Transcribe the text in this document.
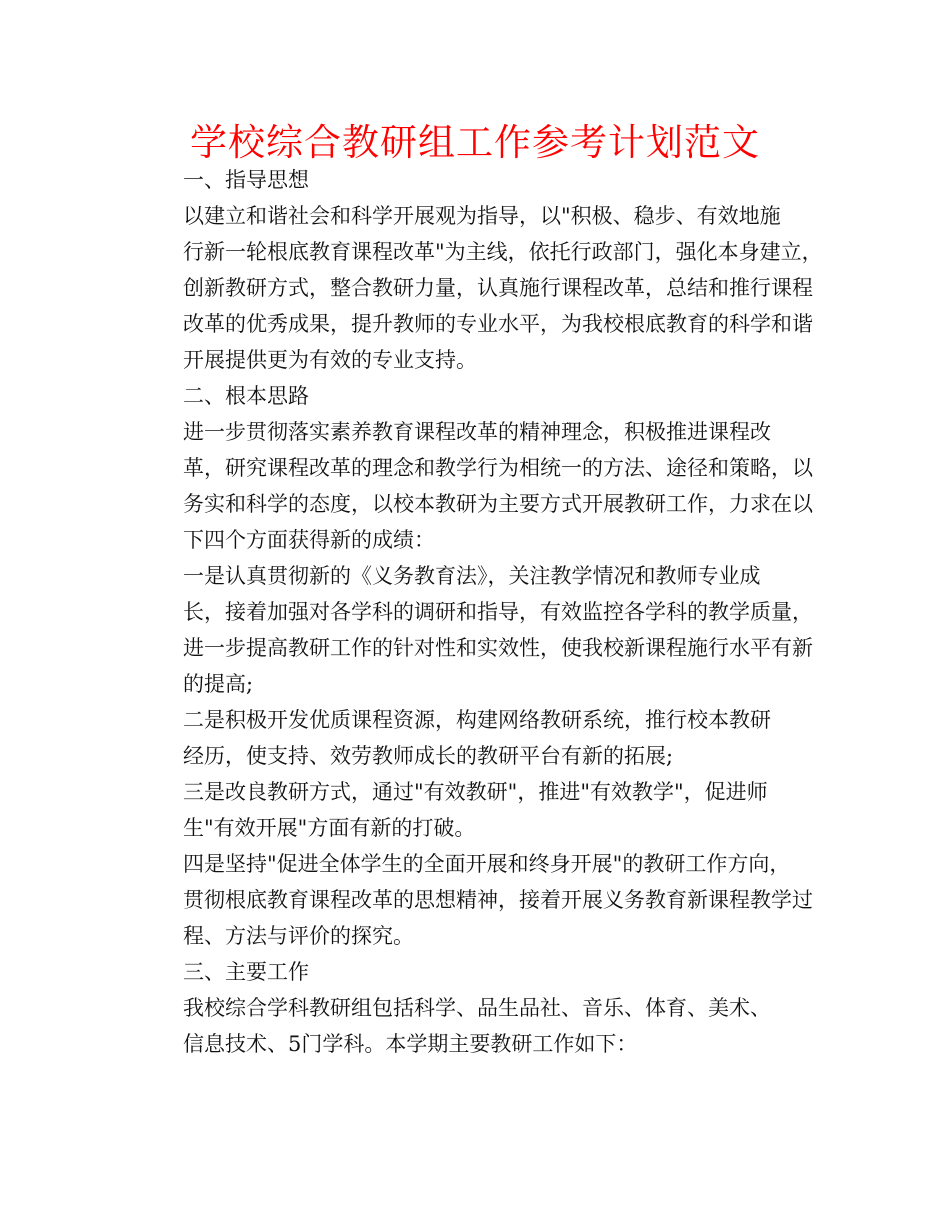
学校综合教研组工作参考计划范文

一、指导思想

以建立和谐社会和科学开展观为指导，以"积极、稳步、有效地施
行新一轮根底教育课程改革"为主线，依托行政部门，强化本身建立，
创新教研方式，整合教研力量，认真施行课程改革，总结和推行课程
改革的优秀成果，提升教师的专业水平，为我校根底教育的科学和谐
开展提供更为有效的专业支持。

二、根本思路

进一步贯彻落实素养教育课程改革的精神理念，积极推进课程改
革，研究课程改革的理念和教学行为相统一的方法、途径和策略，以
务实和科学的态度，以校本教研为主要方式开展教研工作，力求在以
下四个方面获得新的成绩：

一是认真贯彻新的《义务教育法》，关注教学情况和教师专业成
长，接着加强对各学科的调研和指导，有效监控各学科的教学质量，
进一步提高教研工作的针对性和实效性，使我校新课程施行水平有新
的提高;

二是积极开发优质课程资源，构建网络教研系统，推行校本教研
经历，使支持、效劳教师成长的教研平台有新的拓展;

三是改良教研方式，通过"有效教研"，推进"有效教学"，促进师
生"有效开展"方面有新的打破。

四是坚持"促进全体学生的全面开展和终身开展"的教研工作方向，
贯彻根底教育课程改革的思想精神，接着开展义务教育新课程教学过
程、方法与评价的探究。

三、主要工作

我校综合学科教研组包括科学、品生品社、音乐、体育、美术、
信息技术、5门学科。本学期主要教研工作如下：
